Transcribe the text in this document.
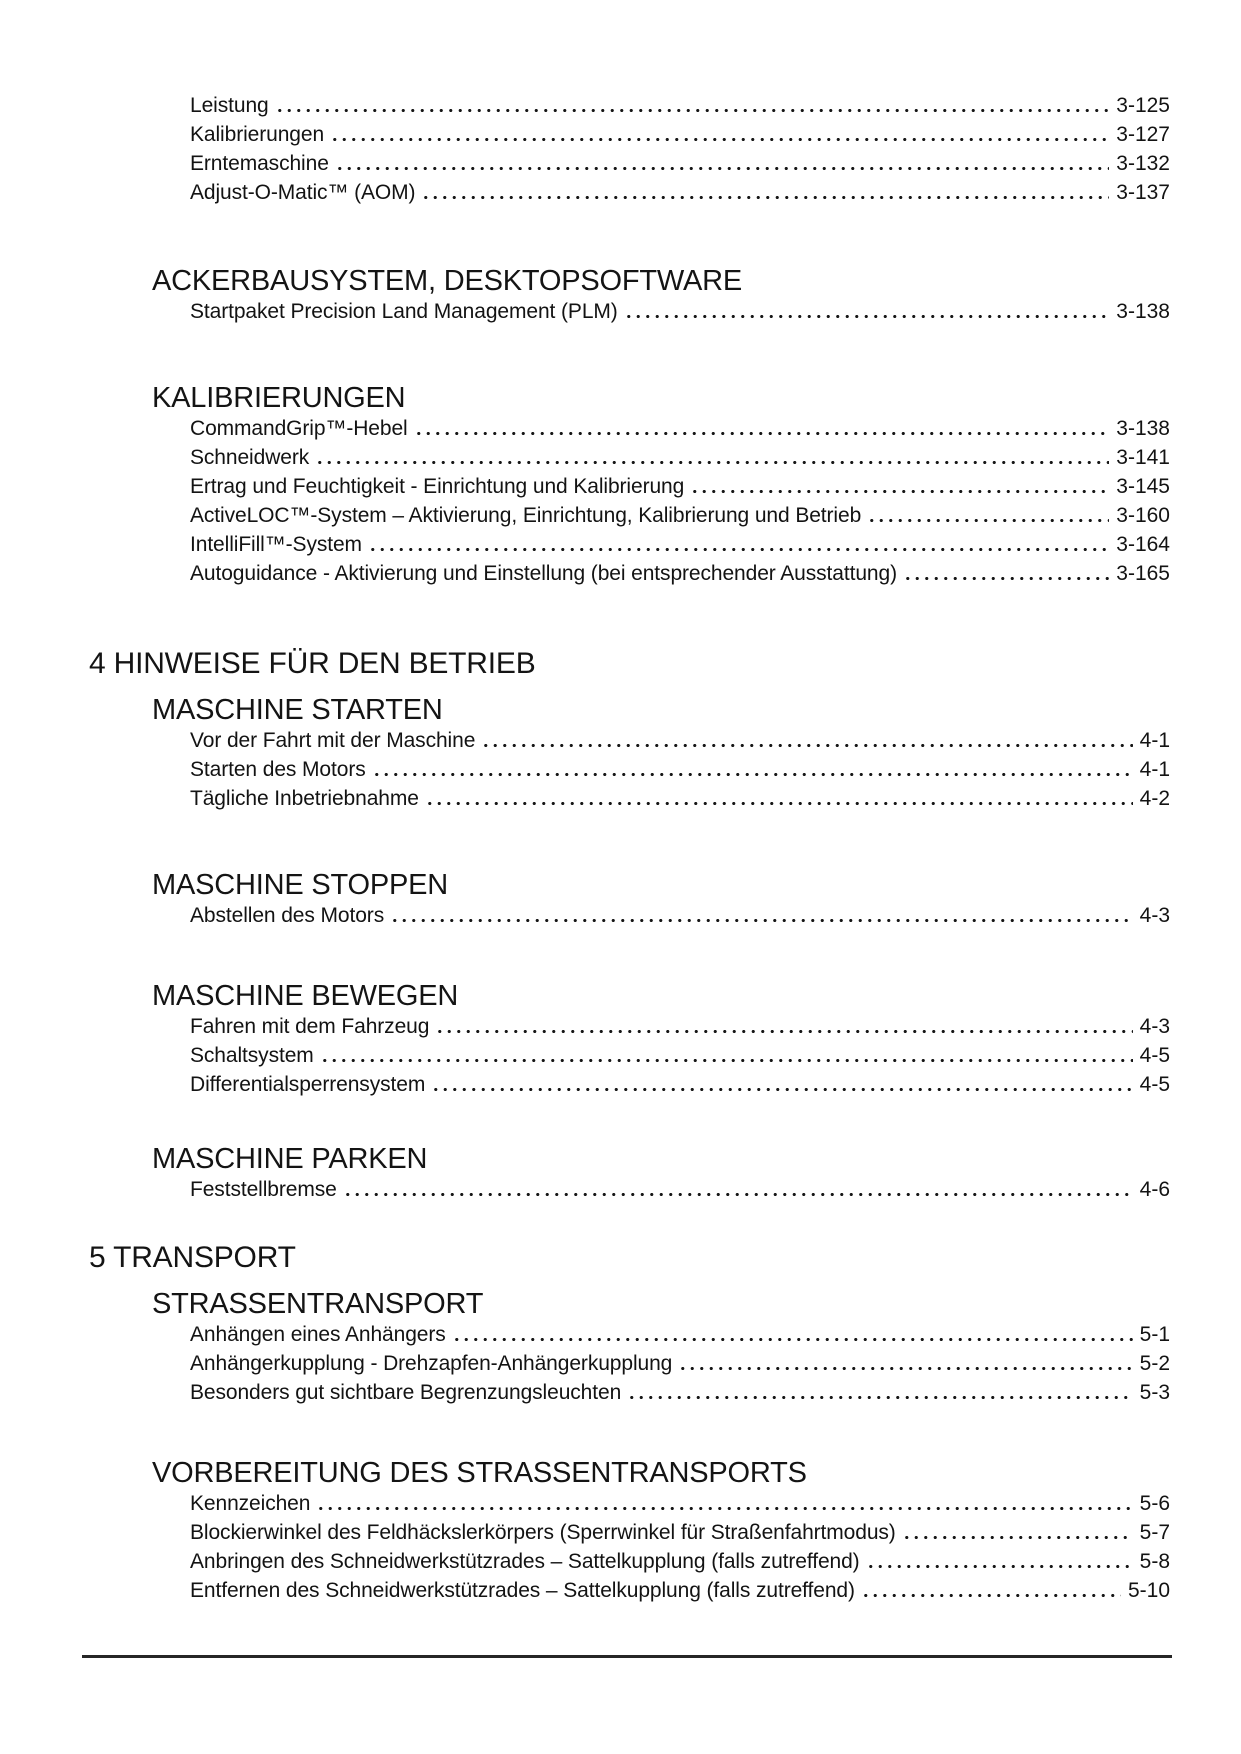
Leistung	3-125
Kalibrierungen	3-127
Erntemaschine	3-132
Adjust-O-Matic™ (AOM)	3-137
ACKERBAUSYSTEM, DESKTOPSOFTWARE
Startpaket Precision Land Management (PLM)	3-138
KALIBRIERUNGEN
CommandGrip™-Hebel	3-138
Schneidwerk	3-141
Ertrag und Feuchtigkeit - Einrichtung und Kalibrierung	3-145
ActiveLOC™-System – Aktivierung, Einrichtung, Kalibrierung und Betrieb	3-160
IntelliFill™-System	3-164
Autoguidance - Aktivierung und Einstellung (bei entsprechender Ausstattung)	3-165
4 HINWEISE FÜR DEN BETRIEB
MASCHINE STARTEN
Vor der Fahrt mit der Maschine	4-1
Starten des Motors	4-1
Tägliche Inbetriebnahme	4-2
MASCHINE STOPPEN
Abstellen des Motors	4-3
MASCHINE BEWEGEN
Fahren mit dem Fahrzeug	4-3
Schaltsystem	4-5
Differentialsperrensystem	4-5
MASCHINE PARKEN
Feststellbremse	4-6
5 TRANSPORT
STRASSENTRANSPORT
Anhängen eines Anhängers	5-1
Anhängerkupplung - Drehzapfen-Anhängerkupplung	5-2
Besonders gut sichtbare Begrenzungsleuchten	5-3
VORBEREITUNG DES STRASSENTRANSPORTS
Kennzeichen	5-6
Blockierwinkel des Feldhäckslerkörpers (Sperrwinkel für Straßenfahrtmodus)	5-7
Anbringen des Schneidwerkstützrades – Sattelkupplung (falls zutreffend)	5-8
Entfernen des Schneidwerkstützrades – Sattelkupplung (falls zutreffend)	5-10
